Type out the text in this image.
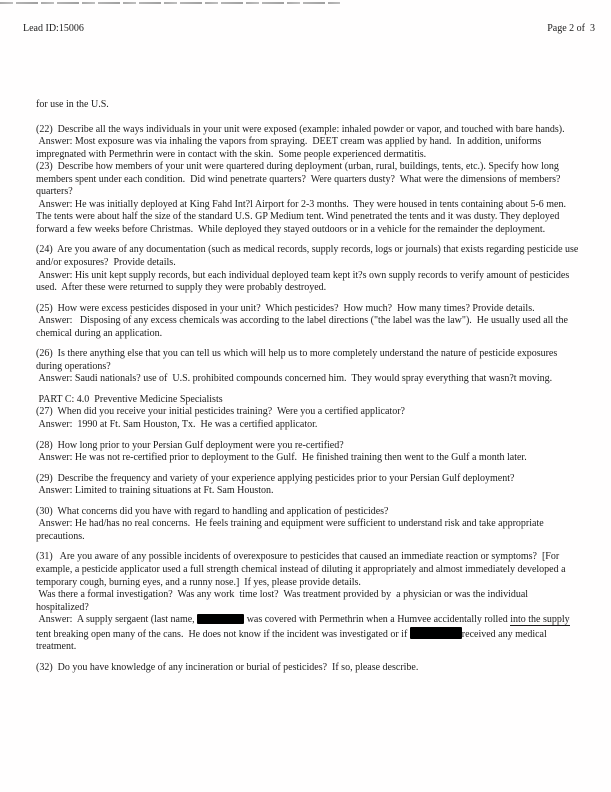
Lead ID:15006	Page 2 of  3
for use in the U.S.
(22)  Describe all the ways individuals in your unit were exposed (example: inhaled powder or vapor, and touched with bare hands).
Answer: Most exposure was via inhaling the vapors from spraying.  DEET cream was applied by hand.  In addition, uniforms impregnated with Permethrin were in contact with the skin.  Some people experienced dermatitis.
(23)  Describe how members of your unit were quartered during deployment (urban, rural, buildings, tents, etc.). Specify how long members spent under each condition.  Did wind penetrate quarters?  Were quarters dusty?  What were the dimensions of members? quarters?
Answer: He was initially deployed at King Fahd Int?l Airport for 2-3 months.  They were housed in tents containing about 5-6 men.  The tents were about half the size of the standard U.S. GP Medium tent. Wind penetrated the tents and it was dusty. They deployed forward a few weeks before Christmas.  While deployed they stayed outdoors or in a vehicle for the remainder the deployment.
(24)  Are you aware of any documentation (such as medical records, supply records, logs or journals) that exists regarding pesticide use and/or exposures?  Provide details.
Answer: His unit kept supply records, but each individual deployed team kept it?s own supply records to verify amount of pesticides used.  After these were returned to supply they were probably destroyed.
(25)  How were excess pesticides disposed in your unit?  Which pesticides?  How much?  How many times? Provide details.
Answer:   Disposing of any excess chemicals was according to the label directions ("the label was the law").  He usually used all the chemical during an application.
(26)  Is there anything else that you can tell us which will help us to more completely understand the nature of pesticide exposures during operations?
Answer: Saudi nationals? use of  U.S. prohibited compounds concerned him.  They would spray everything that wasn?t moving.
PART C: 4.0  Preventive Medicine Specialists
(27)  When did you receive your initial pesticides training?  Were you a certified applicator?
Answer:  1990 at Ft. Sam Houston, Tx.  He was a certified applicator.
(28)  How long prior to your Persian Gulf deployment were you re-certified?
Answer: He was not re-certified prior to deployment to the Gulf.  He finished training then went to the Gulf a month later.
(29)  Describe the frequency and variety of your experience applying pesticides prior to your Persian Gulf deployment?
Answer: Limited to training situations at Ft. Sam Houston.
(30)  What concerns did you have with regard to handling and application of pesticides?
Answer: He had/has no real concerns.  He feels training and equipment were sufficient to understand risk and take appropriate precautions.
(31)   Are you aware of any possible incidents of overexposure to pesticides that caused an immediate reaction or symptoms?  [For example, a pesticide applicator used a full strength chemical instead of diluting it appropriately and almost immediately developed a temporary cough, burning eyes, and a runny nose.]  If yes, please provide details.
Was there a formal investigation?  Was any work  time lost?  Was treatment provided by  a physician or was the individual hospitalized?
Answer:  A supply sergaent (last name,	was covered with Permethrin when a Humvee accidentally rolled into the supply tent breaking open many of the cans.  He does not know if the incident was investigated or if	received any medical treatment.
(32)  Do you have knowledge of any incineration or burial of pesticides?  If so, please describe.
